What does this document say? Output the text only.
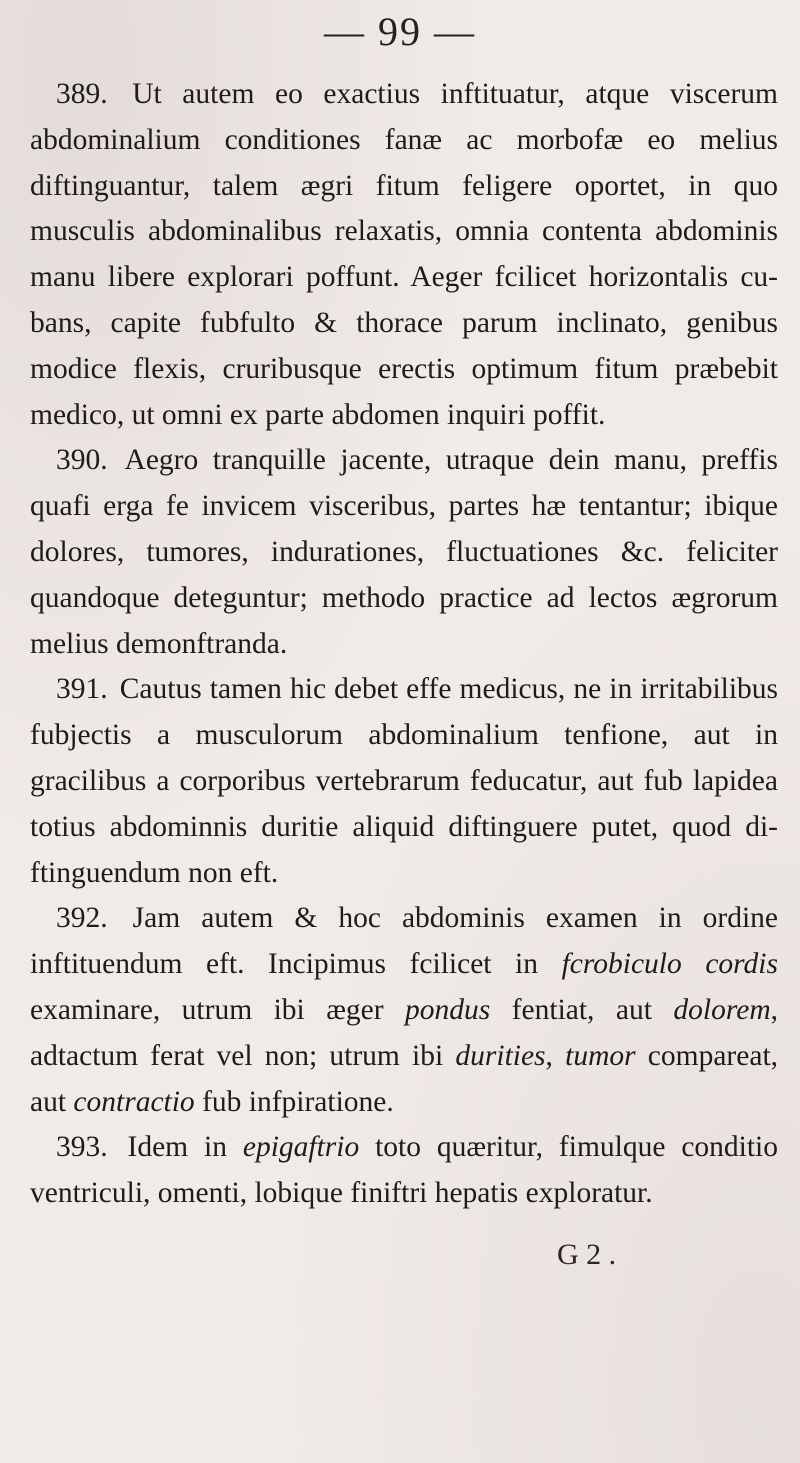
— 99 —

389. Ut autem eo exactius inftituatur, atque viscerum abdominalium conditiones fanæ ac morbofæ eo melius diftinguantur, talem ægri fitum feligere oportet, in quo musculis abdominalibus relaxatis, omnia contenta abdominis manu libere explorari poffunt. Aeger fcilicet horizontalis cubans, capite fubfulto & thorace parum inclinato, genibus modice flexis, cruribusque erectis optimum fitum præbebit medico, ut omni ex parte abdomen inquiri poffit.

390. Aegro tranquille jacente, utraque dein manu, preffis quafi erga fe invicem visceribus, partes hæ tentantur; ibique dolores, tumores, indurationes, fluctuationes &c. feliciter quandoque deteguntur; methodo practice ad lectos ægrorum melius demonftranda.

391. Cautus tamen hic debet effe medicus, ne in irritabilibus fubjectis a musculorum abdominalium tenfione, aut in gracilibus a corporibus vertebrarum feducatur, aut fub lapidea totius abdominnis duritie aliquid diftinguere putet, quod diftinguendum non eft.

392. Jam autem & hoc abdominis examen in ordine inftituendum eft. Incipimus fcilicet in fcrobiculo cordis examinare, utrum ibi æger pondus fentiat, aut dolorem, adtactum ferat vel non; utrum ibi durities, tumor compareat, aut contractio fub infpiratione.

393. Idem in epigaftrio toto quæritur, fimulque conditio ventriculi, omenti, lobique finiftri hepatis exploratur.

G 2 .
